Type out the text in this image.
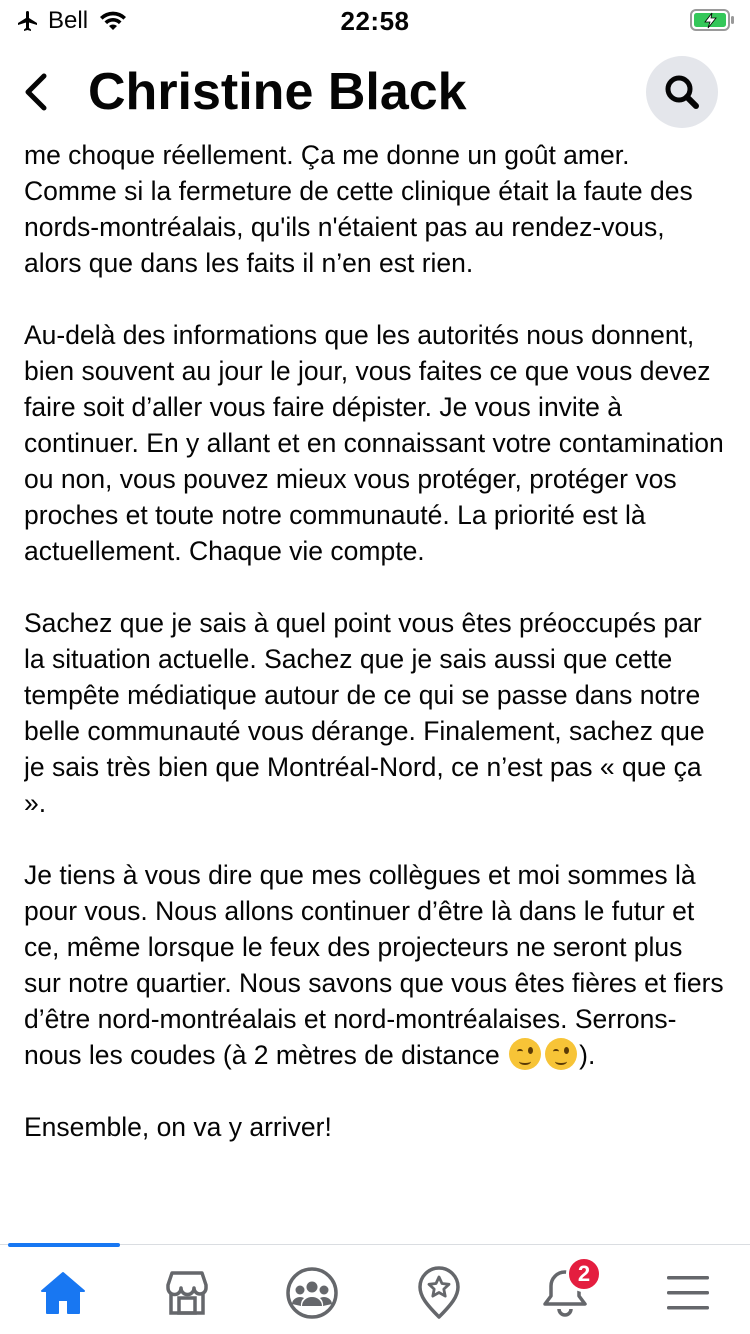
Bell	22:58
Christine Black

me choque réellement. Ça me donne un goût amer. Comme si la fermeture de cette clinique était la faute des nords-montréalais, qu'ils n'étaient pas au rendez-vous, alors que dans les faits il n’en est rien.

Au-delà des informations que les autorités nous donnent, bien souvent au jour le jour, vous faites ce que vous devez faire soit d’aller vous faire dépister. Je vous invite à continuer. En y allant et en connaissant votre contamination ou non, vous pouvez mieux vous protéger, protéger vos proches et toute notre communauté. La priorité est là actuellement. Chaque vie compte.

Sachez que je sais à quel point vous êtes préoccupés par la situation actuelle. Sachez que je sais aussi que cette tempête médiatique autour de ce qui se passe dans notre belle communauté vous dérange. Finalement, sachez que je sais très bien que Montréal-Nord, ce n’est pas « que ça ».

Je tiens à vous dire que mes collègues et moi sommes là pour vous. Nous allons continuer d’être là dans le futur et ce, même lorsque le feux des projecteurs ne seront plus sur notre quartier. Nous savons que vous êtes fières et fiers d’être nord-montréalais et nord-montréalaises. Serrons-nous les coudes (à 2 mètres de distance	).

Ensemble, on va y arriver!

2
